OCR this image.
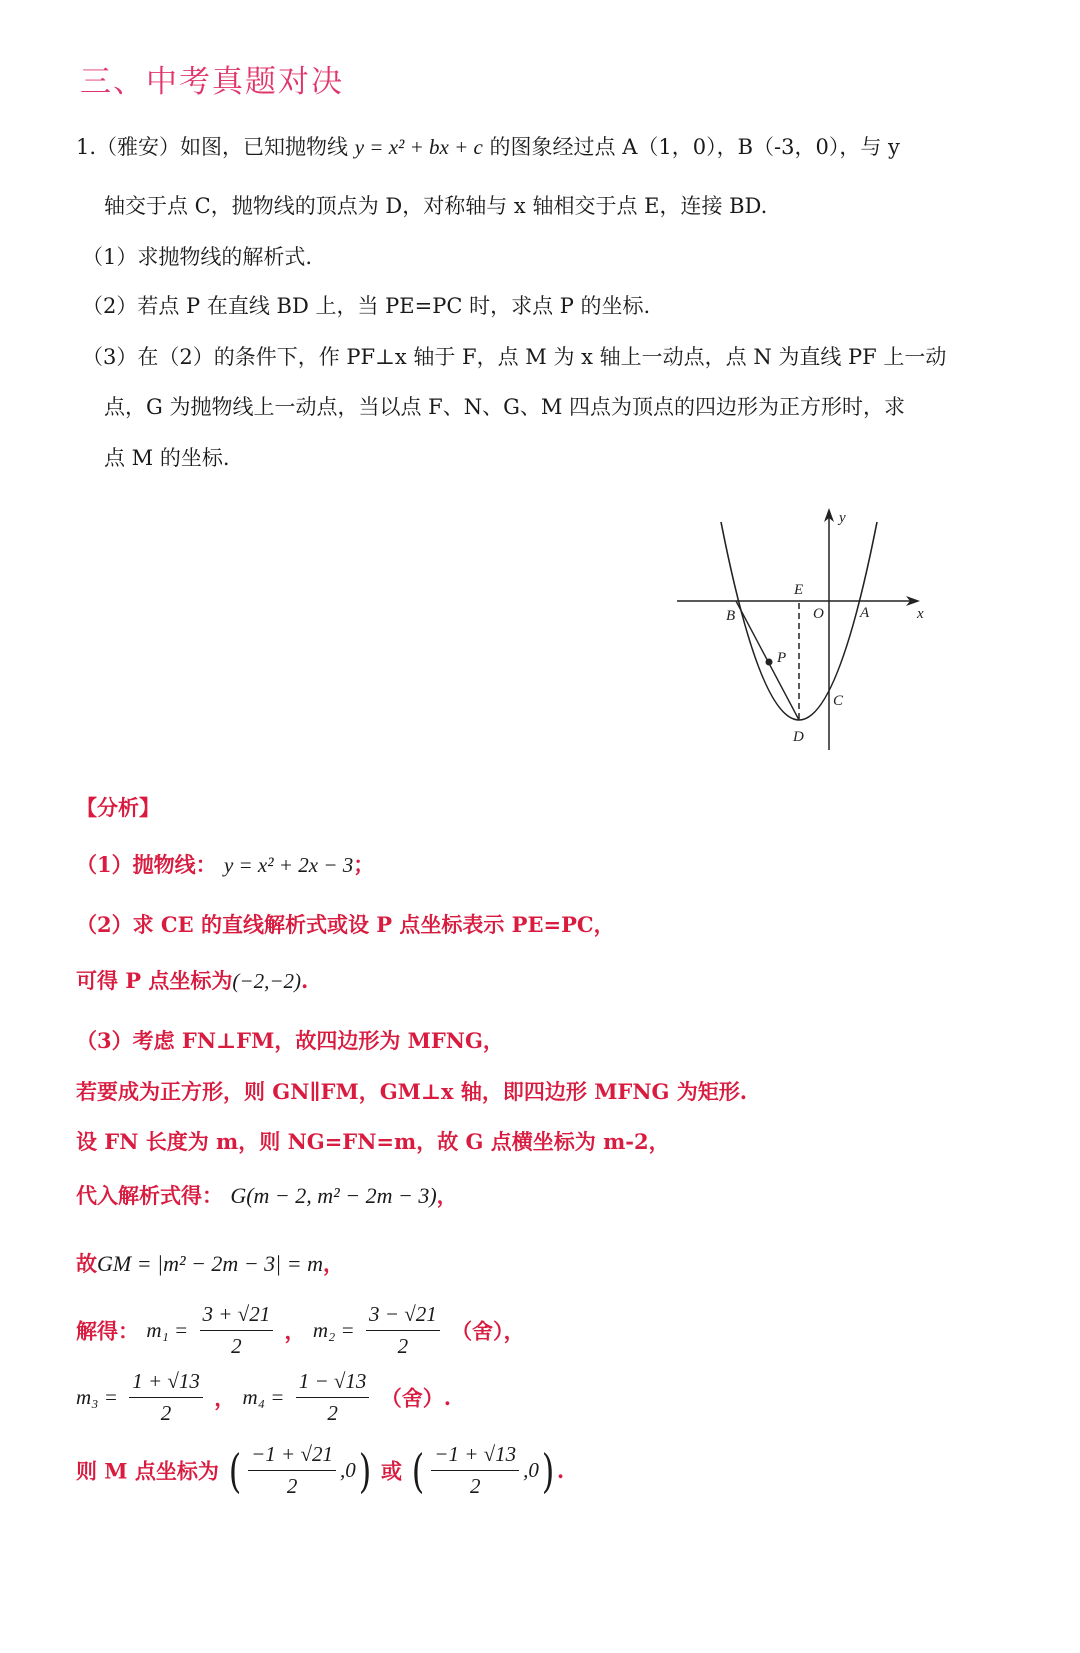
三、中考真题对决
1.（雅安）如图，已知抛物线 y = x² + bx + c 的图象经过点 A（1，0），B（-3，0），与 y
轴交于点 C，抛物线的顶点为 D，对称轴与 x 轴相交于点 E，连接 BD.
（1）求抛物线的解析式.
（2）若点 P 在直线 BD 上，当 PE=PC 时，求点 P 的坐标.
（3）在（2）的条件下，作 PF⊥x 轴于 F，点 M 为 x 轴上一动点，点 N 为直线 PF 上一动
点，G 为抛物线上一动点，当以点 F、N、G、M 四点为顶点的四边形为正方形时，求
点 M 的坐标.
y
x
E
B	O A
P
C
D
【分析】
（1）抛物线： y = x² + 2x − 3；
（2）求 CE 的直线解析式或设 P 点坐标表示 PE=PC，
可得 P 点坐标为(−2,−2).
（3）考虑 FN⊥FM，故四边形为 MFNG，
若要成为正方形，则 GN∥FM，GM⊥x 轴，即四边形 MFNG 为矩形.
设 FN 长度为 m，则 NG=FN=m，故 G 点横坐标为 m-2，
代入解析式得： G(m − 2, m² − 2m − 3)，
故GM = |m² − 2m − 3| = m，
解得： $m_1 = \frac{3 + √21}{2}$ ， $m_2 = \frac{3 - √21}{2}$ （舍），
$m_3 = \frac{1 + √13}{2}$ ， $m_4 = \frac{1 - √13}{2}$ （舍）.
则 M 点坐标为 ( $\frac{-1 + √21}{2} ,0$) 或 ( $\frac{-1 + √13}{2} ,0$) .
